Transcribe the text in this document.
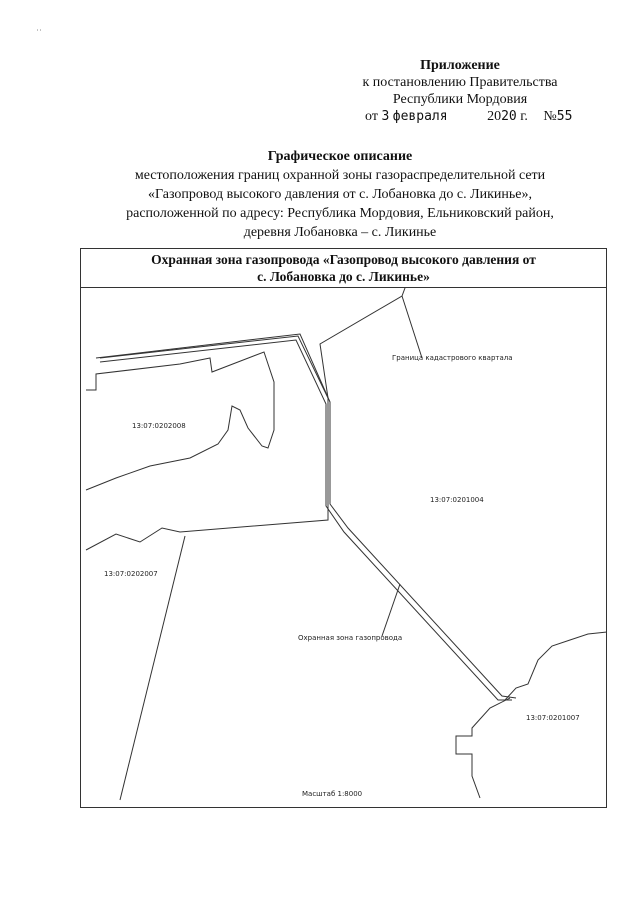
˙˙
Приложение
к постановлению Правительства
Республики Мордовия
от 3 февраля	2020 г. №55
Графическое описание
местоположения границ охранной зоны газораспределительной сети
«Газопровод высокого давления от с. Лобановка до с. Ликинье»,
расположенной по адресу: Республика Мордовия, Ельниковский район,
деревня Лобановка – с. Ликинье
Охранная зона газопровода «Газопровод высокого давления от
с. Лобановка до с. Ликинье»
13:07:0202008
13:07:0201004
13:07:0202007
13:07:0201007
Граница кадастрового квартала
Охранная зона газопровода
Масштаб 1:8000
